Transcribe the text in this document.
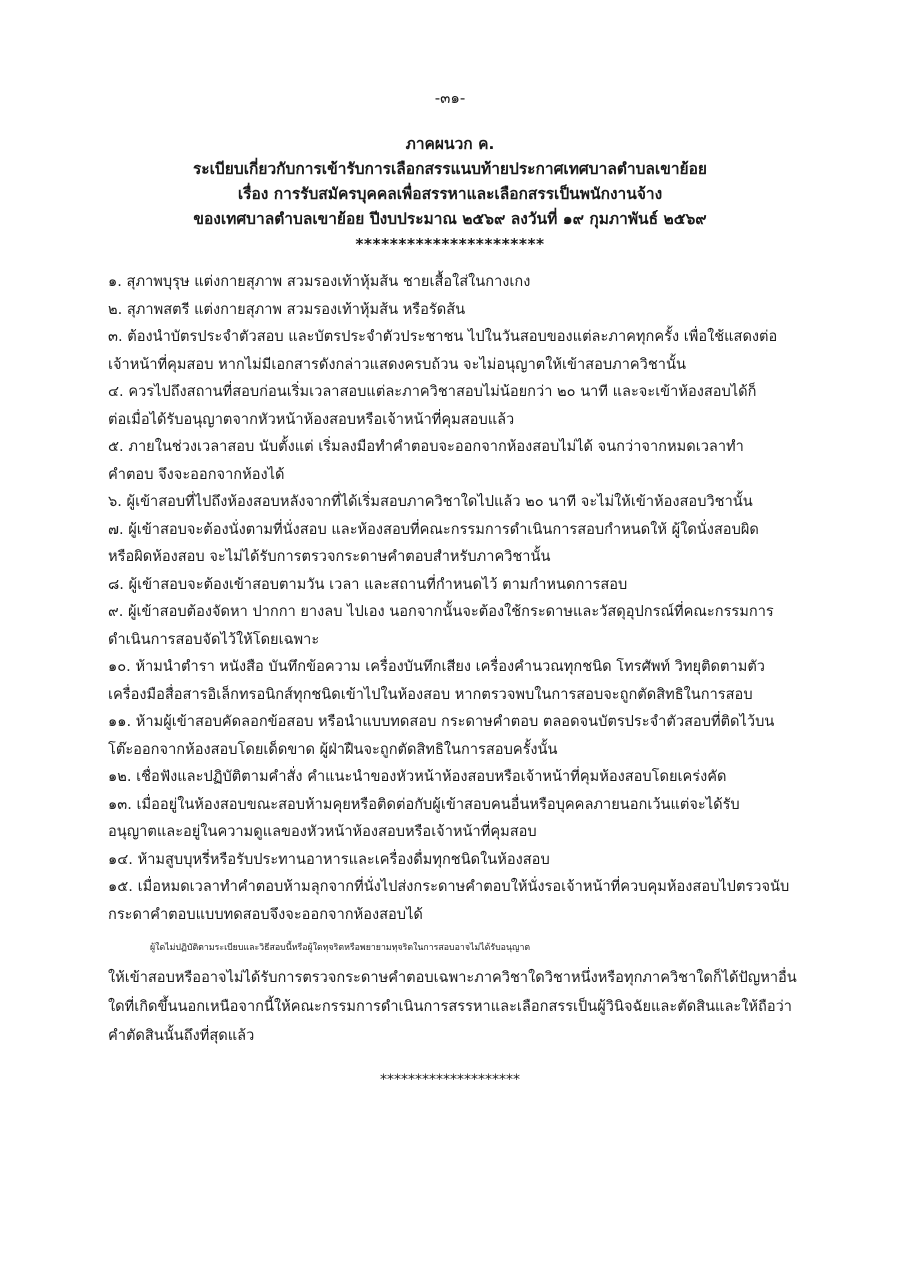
-๓๑-
ภาคผนวก ค.
ระเบียบเกี่ยวกับการเข้ารับการเลือกสรรแนบท้ายประกาศเทศบาลตำบลเขาย้อย
เรื่อง การรับสมัครบุคคลเพื่อสรรหาและเลือกสรรเป็นพนักงานจ้าง
ของเทศบาลตำบลเขาย้อย ปีงบประมาณ ๒๕๖๙ ลงวันที่ ๑๙ กุมภาพันธ์ ๒๕๖๙
**********************
๑. สุภาพบุรุษ แต่งกายสุภาพ สวมรองเท้าหุ้มส้น ชายเสื้อใส่ในกางเกง
๒. สุภาพสตรี แต่งกายสุภาพ สวมรองเท้าหุ้มส้น หรือรัดส้น
๓. ต้องนำบัตรประจำตัวสอบ และบัตรประจำตัวประชาชน ไปในวันสอบของแต่ละภาคทุกครั้ง เพื่อใช้แสดงต่อ
เจ้าหน้าที่คุมสอบ หากไม่มีเอกสารดังกล่าวแสดงครบถ้วน จะไม่อนุญาตให้เข้าสอบภาควิชานั้น
๔. ควรไปถึงสถานที่สอบก่อนเริ่มเวลาสอบแต่ละภาควิชาสอบไม่น้อยกว่า ๒๐ นาที และจะเข้าห้องสอบได้ก็
ต่อเมื่อได้รับอนุญาตจากหัวหน้าห้องสอบหรือเจ้าหน้าที่คุมสอบแล้ว
๕. ภายในช่วงเวลาสอบ นับตั้งแต่ เริ่มลงมือทำคำตอบจะออกจากห้องสอบไม่ได้ จนกว่าจากหมดเวลาทำ
คำตอบ จึงจะออกจากห้องได้
๖. ผู้เข้าสอบที่ไปถึงห้องสอบหลังจากที่ได้เริ่มสอบภาควิชาใดไปแล้ว ๒๐ นาที จะไม่ให้เข้าห้องสอบวิชานั้น
๗. ผู้เข้าสอบจะต้องนั่งตามที่นั่งสอบ และห้องสอบที่คณะกรรมการดำเนินการสอบกำหนดให้ ผู้ใดนั่งสอบผิด
หรือผิดห้องสอบ จะไม่ได้รับการตรวจกระดาษคำตอบสำหรับภาควิชานั้น
๘. ผู้เข้าสอบจะต้องเข้าสอบตามวัน เวลา และสถานที่กำหนดไว้ ตามกำหนดการสอบ
๙. ผู้เข้าสอบต้องจัดหา ปากกา ยางลบ ไปเอง นอกจากนั้นจะต้องใช้กระดาษและวัสดุอุปกรณ์ที่คณะกรรมการ
ดำเนินการสอบจัดไว้ให้โดยเฉพาะ
๑๐. ห้ามนำตำรา หนังสือ บันทึกข้อความ เครื่องบันทึกเสียง เครื่องคำนวณทุกชนิด โทรศัพท์ วิทยุติดตามตัว
เครื่องมือสื่อสารอิเล็กทรอนิกส์ทุกชนิดเข้าไปในห้องสอบ หากตรวจพบในการสอบจะถูกตัดสิทธิในการสอบ
๑๑. ห้ามผู้เข้าสอบคัดลอกข้อสอบ หรือนำแบบทดสอบ กระดาษคำตอบ ตลอดจนบัตรประจำตัวสอบที่ติดไว้บน
โต๊ะออกจากห้องสอบโดยเด็ดขาด ผู้ฝ่าฝืนจะถูกตัดสิทธิในการสอบครั้งนั้น
๑๒. เชื่อฟังและปฏิบัติตามคำสั่ง คำแนะนำของหัวหน้าห้องสอบหรือเจ้าหน้าที่คุมห้องสอบโดยเคร่งคัด
๑๓. เมื่ออยู่ในห้องสอบขณะสอบห้ามคุยหรือติดต่อกับผู้เข้าสอบคนอื่นหรือบุคคลภายนอกเว้นแต่จะได้รับ
อนุญาตและอยู่ในความดูแลของหัวหน้าห้องสอบหรือเจ้าหน้าที่คุมสอบ
๑๔. ห้ามสูบบุหรี่หรือรับประทานอาหารและเครื่องดื่มทุกชนิดในห้องสอบ
๑๕. เมื่อหมดเวลาทำคำตอบห้ามลุกจากที่นั่งไปส่งกระดาษคำตอบให้นั่งรอเจ้าหน้าที่ควบคุมห้องสอบไปตรวจนับ
กระดาคำตอบแบบทดสอบจึงจะออกจากห้องสอบได้
ผู้ใดไม่ปฏิบัติตามระเบียบและวิธีสอบนี้หรือผู้ใดทุจริตหรือพยายามทุจริตในการสอบอาจไม่ได้รับอนุญาต
ให้เข้าสอบหรืออาจไม่ได้รับการตรวจกระดาษคำตอบเฉพาะภาควิชาใดวิชาหนึ่งหรือทุกภาควิชาใดก็ได้ปัญหาอื่น
ใดที่เกิดขึ้นนอกเหนือจากนี้ให้คณะกรรมการดำเนินการสรรหาและเลือกสรรเป็นผู้วินิจฉัยและตัดสินและให้ถือว่า
คำตัดสินนั้นถึงที่สุดแล้ว
********************
